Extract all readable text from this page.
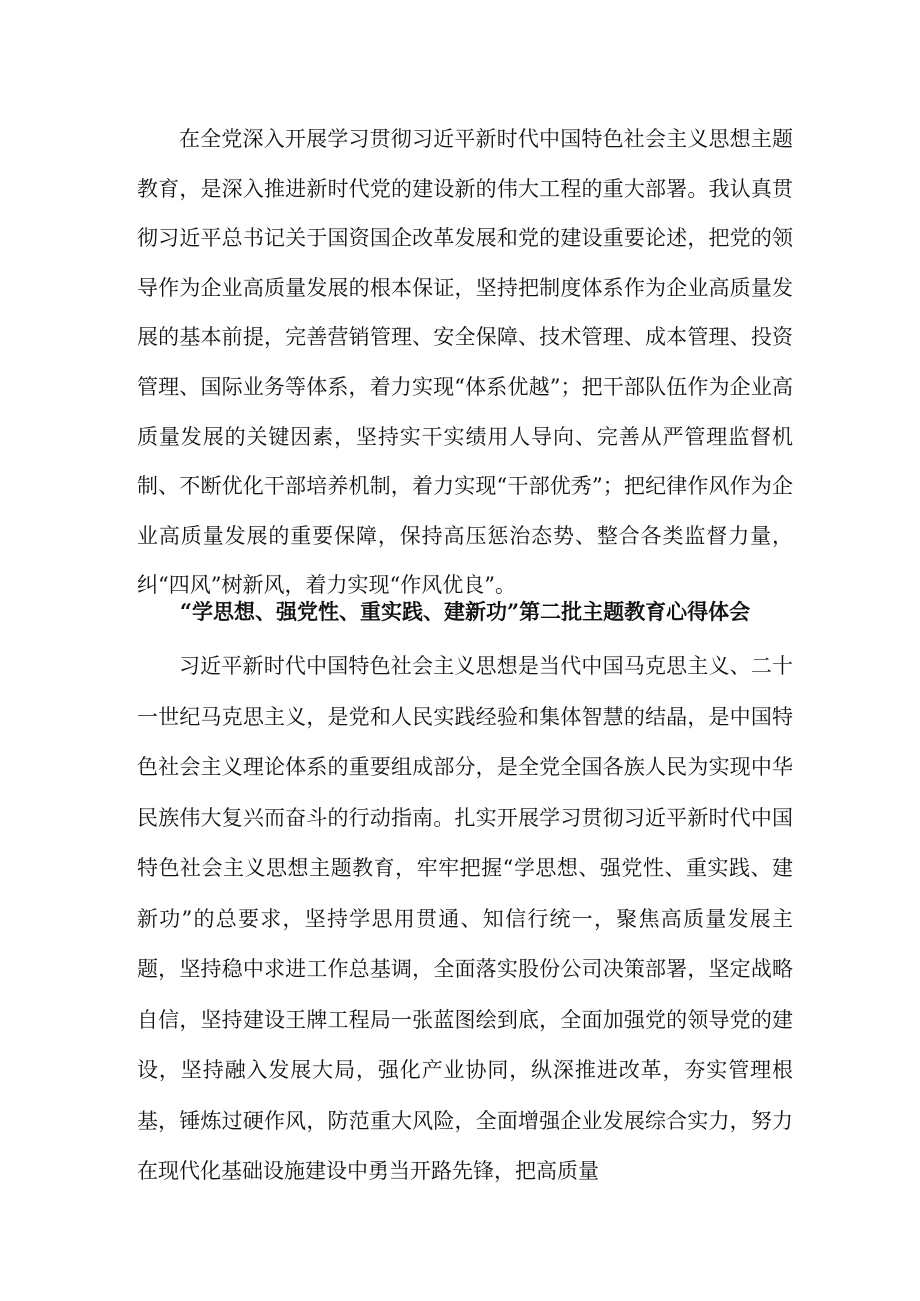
在全党深入开展学习贯彻习近平新时代中国特色社会主义思想主题教育，是深入推进新时代党的建设新的伟大工程的重大部署。我认真贯彻习近平总书记关于国资国企改革发展和党的建设重要论述，把党的领导作为企业高质量发展的根本保证，坚持把制度体系作为企业高质量发展的基本前提，完善营销管理、安全保障、技术管理、成本管理、投资管理、国际业务等体系，着力实现“体系优越”；把干部队伍作为企业高质量发展的关键因素，坚持实干实绩用人导向、完善从严管理监督机制、不断优化干部培养机制，着力实现“干部优秀”；把纪律作风作为企业高质量发展的重要保障，保持高压惩治态势、整合各类监督力量，纠“四风”树新风，着力实现“作风优良”。

“学思想、强党性、重实践、建新功”第二批主题教育心得体会

习近平新时代中国特色社会主义思想是当代中国马克思主义、二十一世纪马克思主义，是党和人民实践经验和集体智慧的结晶，是中国特色社会主义理论体系的重要组成部分，是全党全国各族人民为实现中华民族伟大复兴而奋斗的行动指南。扎实开展学习贯彻习近平新时代中国特色社会主义思想主题教育，牢牢把握“学思想、强党性、重实践、建新功”的总要求，坚持学思用贯通、知信行统一，聚焦高质量发展主题，坚持稳中求进工作总基调，全面落实股份公司决策部署，坚定战略自信，坚持建设王牌工程局一张蓝图绘到底，全面加强党的领导党的建设，坚持融入发展大局，强化产业协同，纵深推进改革，夯实管理根基，锤炼过硬作风，防范重大风险，全面增强企业发展综合实力，努力在现代化基础设施建设中勇当开路先锋，把高质量
